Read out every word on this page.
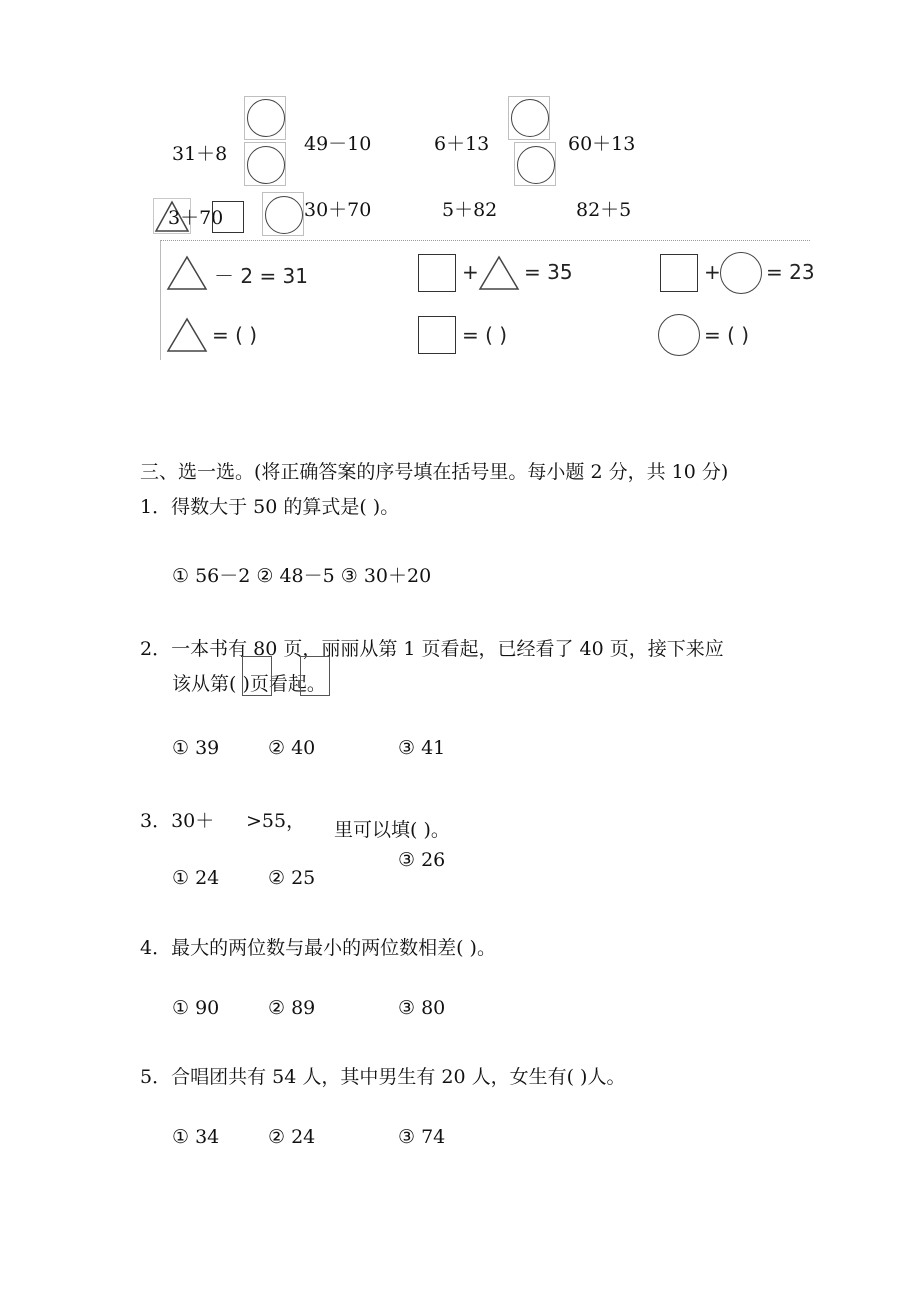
31＋8	49－10	6＋13	60＋13
3＋70	30＋70	5＋82	82＋5
－ 2 = 31	+ = 35	+ = 23
= ( )	= ( )	= ( )
三、选一选。(将正确答案的序号填在括号里。每小题 2 分，共 10 分)
1．得数大于 50 的算式是( )。
① 56－2 ② 48－5 ③ 30＋20
2．一本书有 80 页，丽丽从第 1 页看起，已经看了 40 页，接下来应
该从第( )页看起。
① 39	② 40	③ 41
3．30＋ >55， 里可以填( )。
③ 26
① 24	② 25
4．最大的两位数与最小的两位数相差( )。
① 90	② 89	③ 80
5．合唱团共有 54 人，其中男生有 20 人，女生有( )人。
① 34	② 24	③ 74
